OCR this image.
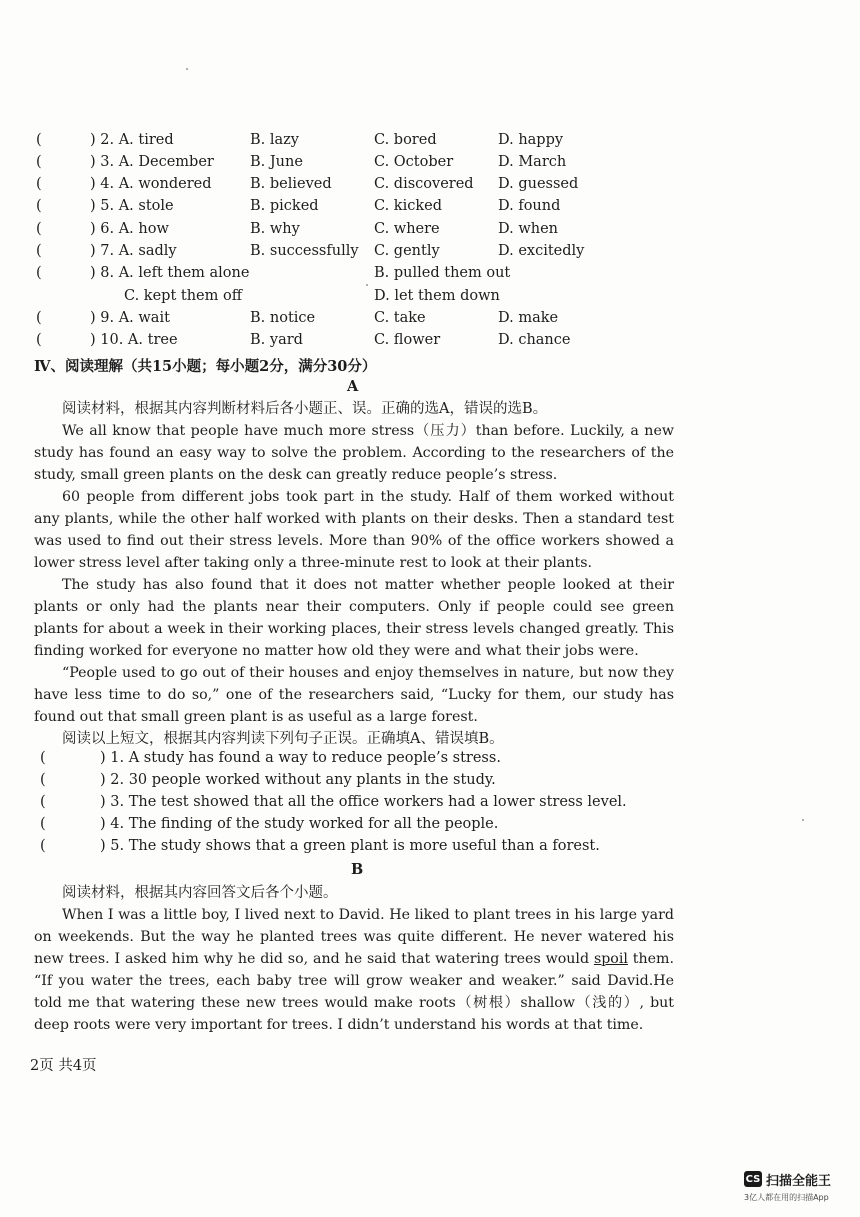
(	) 2. A. tired	B. lazy	C. bored	D. happy
(	) 3. A. December B. June	C. October	D. March
(	) 4. A. wondered	B. believed	C. discovered D. guessed
(	) 5. A. stole	B. picked	C. kicked	D. found
(	) 6. A. how	B. why	C. where	D. when
(	) 7. A. sadly	B. successfully C. gently	D. excitedly
(	) 8. A. left them alone	B. pulled them out
C. kept them off	D. let them down
(	) 9. A. wait	B. notice	C. take	D. make
(	) 10. A. tree	B. yard	C. flower	D. chance
Ⅳ、阅读理解（共15小题；每小题2分，满分30分）
A
阅读材料，根据其内容判断材料后各小题正、误。正确的选A，错误的选B。
We all know that people have much more stress（压力）than before. Luckily, a new study has found an easy way to solve the problem. According to the researchers of the study, small green plants on the desk can greatly reduce people’s stress.
60 people from different jobs took part in the study. Half of them worked without any plants, while the other half worked with plants on their desks. Then a standard test was used to find out their stress levels. More than 90% of the office workers showed a lower stress level after taking only a three-minute rest to look at their plants.
The study has also found that it does not matter whether people looked at their plants or only had the plants near their computers. Only if people could see green plants for about a week in their working places, their stress levels changed greatly. This finding worked for everyone no matter how old they were and what their jobs were.
“People used to go out of their houses and enjoy themselves in nature, but now they have less time to do so,” one of the researchers said, “Lucky for them, our study has found out that small green plant is as useful as a large forest.
阅读以上短文，根据其内容判读下列句子正误。正确填A、错误填B。
(	) 1. A study has found a way to reduce people’s stress.
(	) 2. 30 people worked without any plants in the study.
(	) 3. The test showed that all the office workers had a lower stress level.
(	) 4. The finding of the study worked for all the people.
(	) 5. The study shows that a green plant is more useful than a forest.
B
阅读材料，根据其内容回答文后各个小题。
When I was a little boy, I lived next to David. He liked to plant trees in his large yard on weekends. But the way he planted trees was quite different. He never watered his new trees. I asked him why he did so, and he said that watering trees would spoil them. “If you water the trees, each baby tree will grow weaker and weaker.” said David.He told me that watering these new trees would make roots（树根）shallow（浅的）, but deep roots were very important for trees. I didn’t understand his words at that time.
2页 共4页
CS 扫描全能王
3亿人都在用的扫描App
